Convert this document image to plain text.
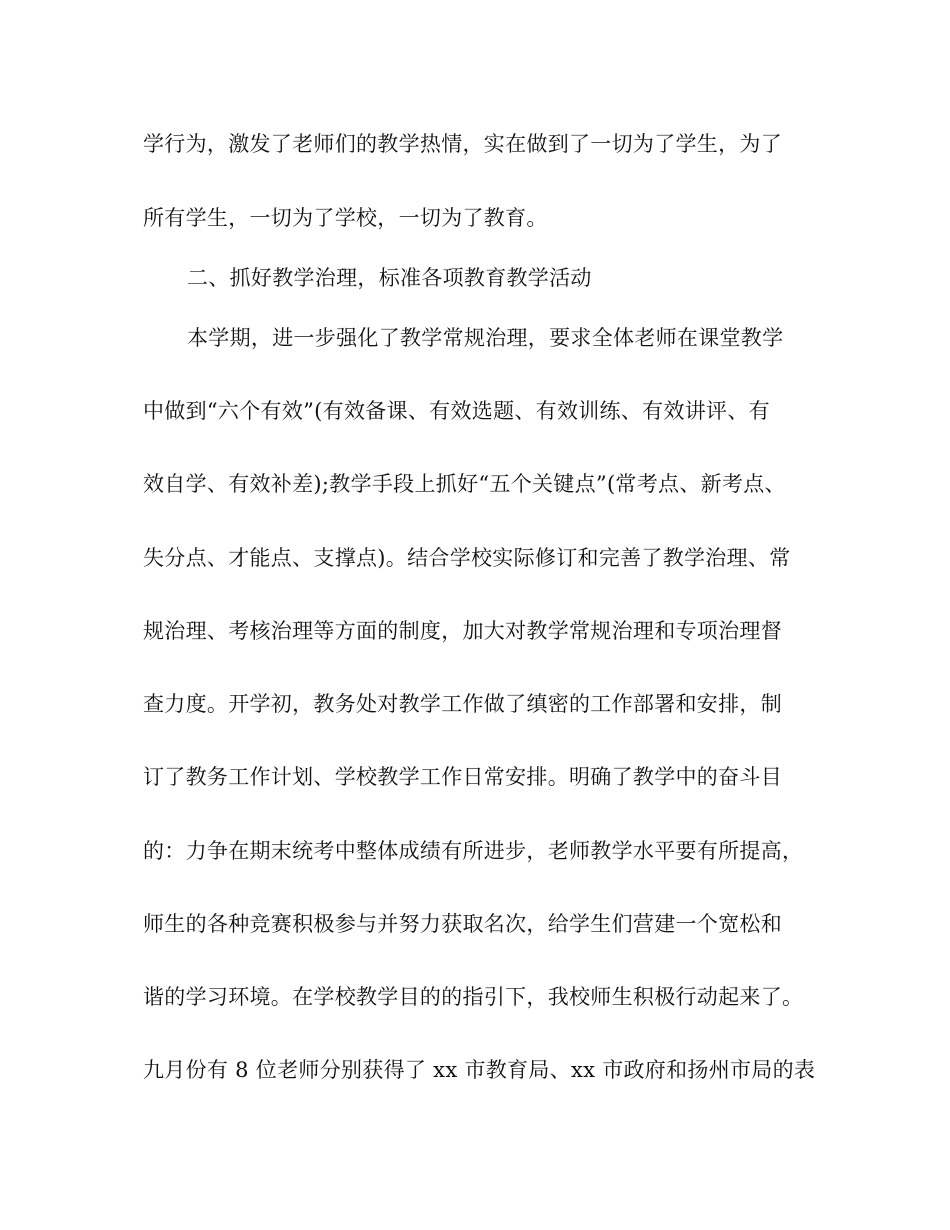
学行为，激发了老师们的教学热情，实在做到了一切为了学生，为了
所有学生，一切为了学校，一切为了教育。
二、抓好教学治理，标准各项教育教学活动
本学期，进一步强化了教学常规治理，要求全体老师在课堂教学
中做到“六个有效”(有效备课、有效选题、有效训练、有效讲评、有
效自学、有效补差);教学手段上抓好“五个关键点”(常考点、新考点、
失分点、才能点、支撑点)。结合学校实际修订和完善了教学治理、常
规治理、考核治理等方面的制度，加大对教学常规治理和专项治理督
查力度。开学初，教务处对教学工作做了缜密的工作部署和安排，制
订了教务工作计划、学校教学工作日常安排。明确了教学中的奋斗目
的：力争在期末统考中整体成绩有所进步，老师教学水平要有所提高，
师生的各种竞赛积极参与并努力获取名次，给学生们营建一个宽松和
谐的学习环境。在学校教学目的的指引下，我校师生积极行动起来了。
九月份有 8 位老师分别获得了 xx 市教育局、xx 市政府和扬州市局的表
